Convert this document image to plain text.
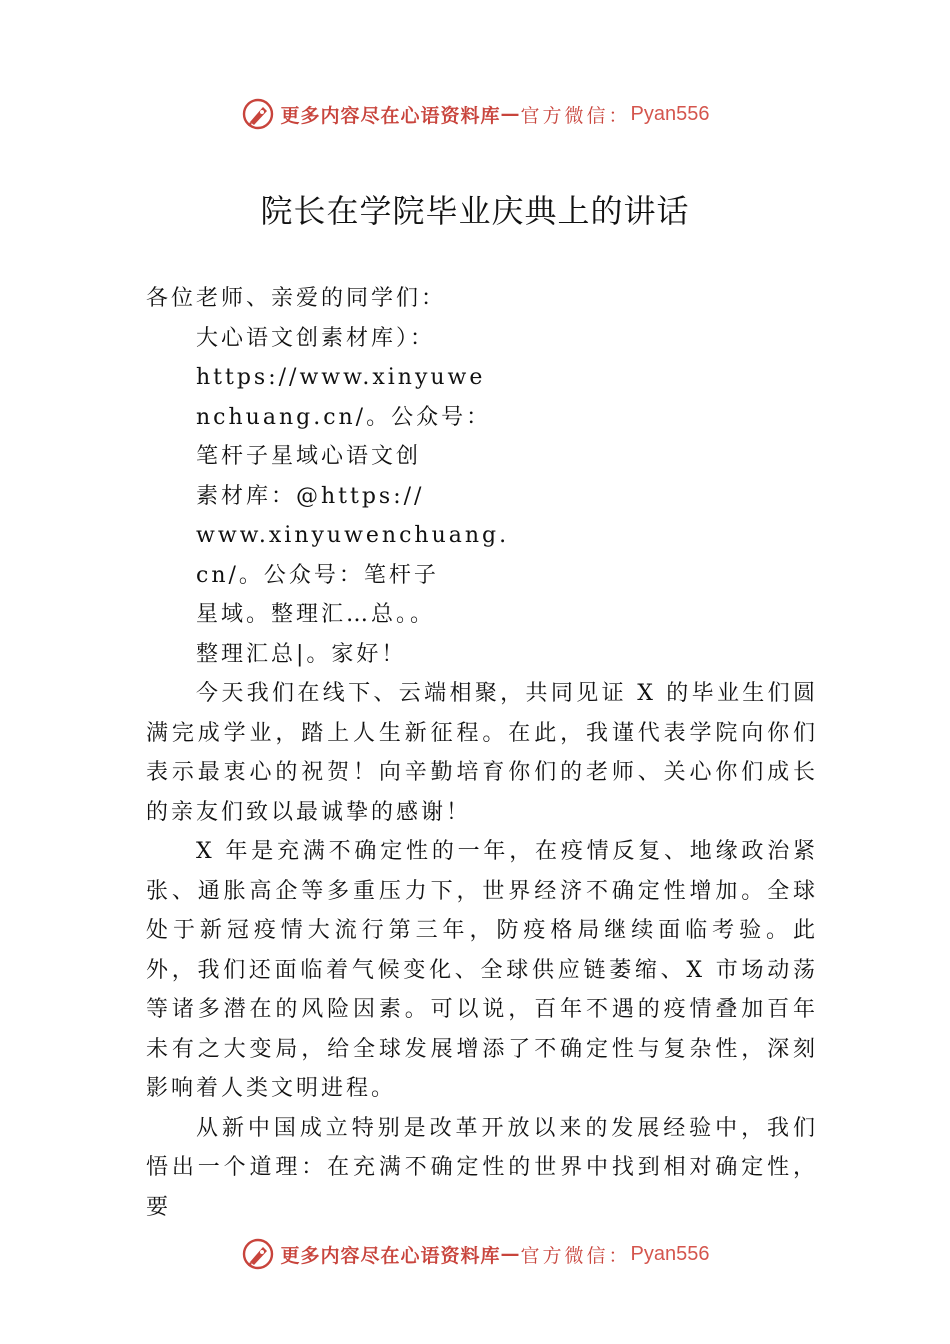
更多内容尽在心语资料库 — 官方微信： Pyan556
院长在学院毕业庆典上的讲话

各位老师、亲爱的同学们：

大心语文创素材库）：

https://www.xinyuwe

nchuang.cn/。公众号：

笔杆子星域心语文创

素材库：@https://

www.xinyuwenchuang.

cn/。公众号：笔杆子

星域。整理汇…总。。

整理汇总|。家好！

今天我们在线下、云端相聚，共同见证 X 的毕业生们圆满完成学业，踏上人生新征程。在此，我谨代表学院向你们表示最衷心的祝贺！向辛勤培育你们的老师、关心你们成长的亲友们致以最诚挚的感谢！

X 年是充满不确定性的一年，在疫情反复、地缘政治紧张、通胀高企等多重压力下，世界经济不确定性增加。全球处于新冠疫情大流行第三年，防疫格局继续面临考验。此外，我们还面临着气候变化、全球供应链萎缩、X 市场动荡等诸多潜在的风险因素。可以说，百年不遇的疫情叠加百年未有之大变局，给全球发展增添了不确定性与复杂性，深刻影响着人类文明进程。

从新中国成立特别是改革开放以来的发展经验中，我们悟出一个道理：在充满不确定性的世界中找到相对确定性， 要

更多内容尽在心语资料库 — 官方微信： Pyan556
